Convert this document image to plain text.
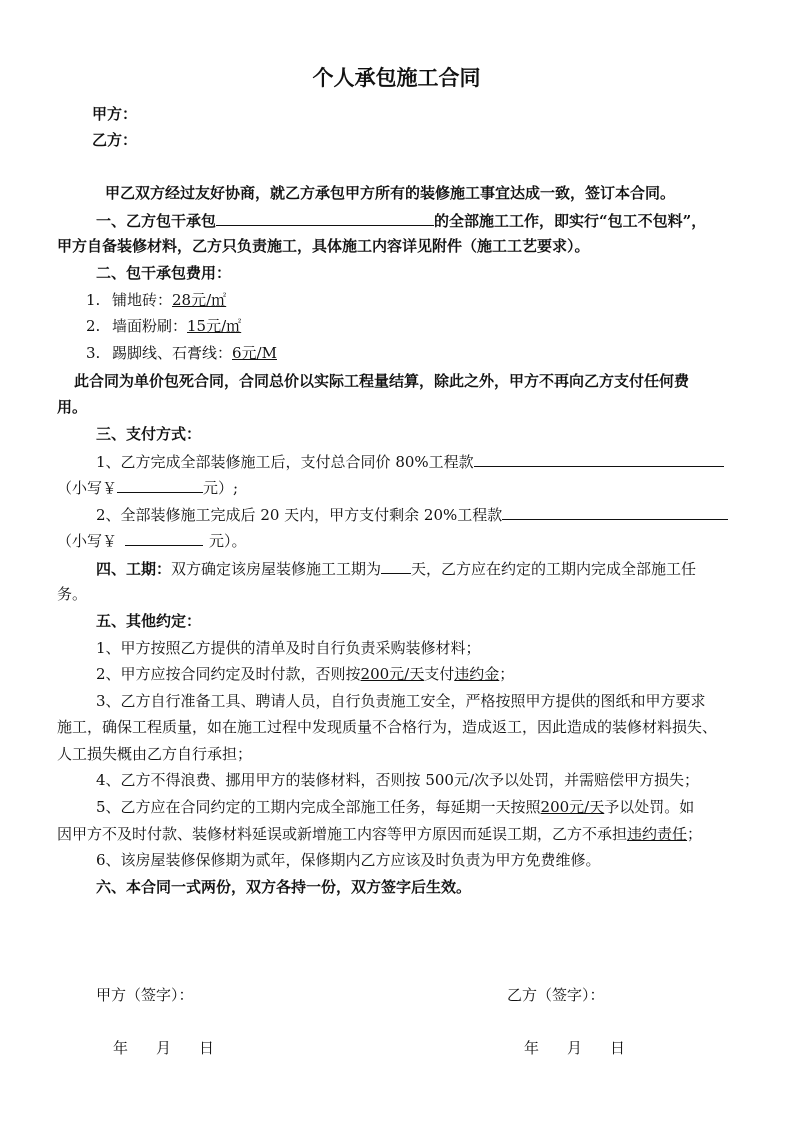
个人承包施工合同
甲方：
乙方：
甲乙双方经过友好协商，就乙方承包甲方所有的装修施工事宜达成一致，签订本合同。
一、乙方包干承包	的全部施工工作，即实行“包工不包料”，
甲方自备装修材料，乙方只负责施工，具体施工内容详见附件（施工工艺要求）。
二、包干承包费用：
1. 铺地砖：28元/㎡
2. 墙面粉刷：15元/㎡
3. 踢脚线、石膏线：6元/M
此合同为单价包死合同，合同总价以实际工程量结算，除此之外，甲方不再向乙方支付任何费
用。
三、支付方式：
1、乙方完成全部装修施工后，支付总合同价 80%工程款
（小写￥	元）;
2、全部装修施工完成后 20 天内，甲方支付剩余 20%工程款
（小写￥	元）。
四、工期：双方确定该房屋装修施工工期为 天，乙方应在约定的工期内完成全部施工任
务。
五、其他约定：
1、甲方按照乙方提供的清单及时自行负责采购装修材料；
2、甲方应按合同约定及时付款，否则按200元/天支付违约金；
3、乙方自行准备工具、聘请人员，自行负责施工安全，严格按照甲方提供的图纸和甲方要求
施工，确保工程质量，如在施工过程中发现质量不合格行为，造成返工，因此造成的装修材料损失、
人工损失概由乙方自行承担；
4、乙方不得浪费、挪用甲方的装修材料，否则按 500元/次予以处罚，并需赔偿甲方损失；
5、乙方应在合同约定的工期内完成全部施工任务，每延期一天按照200元/天予以处罚。如
因甲方不及时付款、装修材料延误或新增施工内容等甲方原因而延误工期，乙方不承担违约责任；
6、该房屋装修保修期为贰年，保修期内乙方应该及时负责为甲方免费维修。
六、本合同一式两份，双方各持一份，双方签字后生效。
甲方（签字）：	乙方（签字）：
年 月 日	年 月 日
